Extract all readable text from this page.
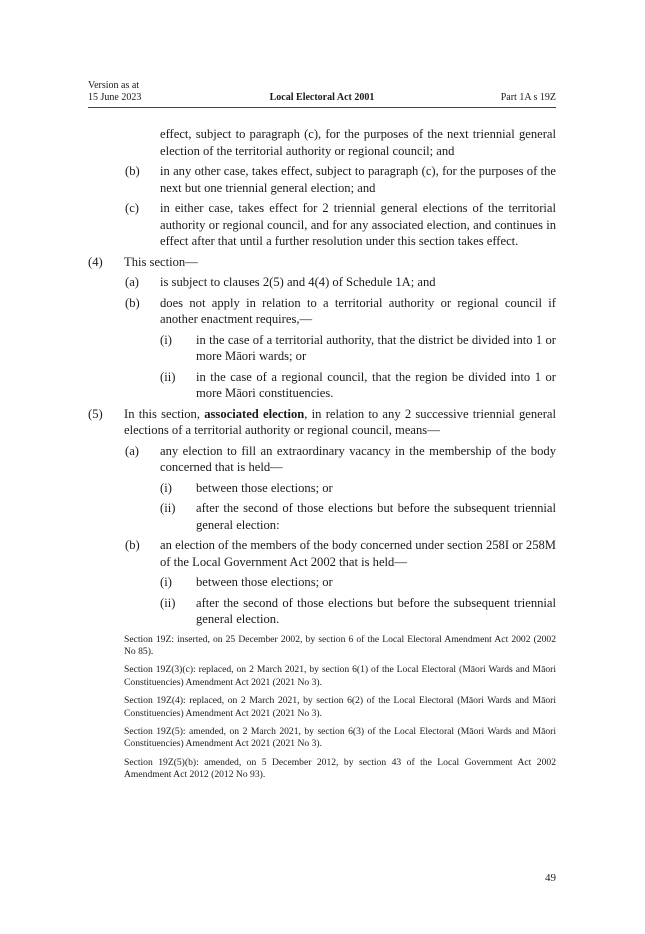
Version as at
15 June 2023	Local Electoral Act 2001	Part 1A s 19Z

effect, subject to paragraph (c), for the purposes of the next triennial general election of the territorial authority or regional council; and

(b) in any other case, takes effect, subject to paragraph (c), for the purposes of the next but one triennial general election; and

(c) in either case, takes effect for 2 triennial general elections of the territorial authority or regional council, and for any associated election, and continues in effect after that until a further resolution under this section takes effect.

(4) This section—

(a) is subject to clauses 2(5) and 4(4) of Schedule 1A; and

(b) does not apply in relation to a territorial authority or regional council if another enactment requires,—

(i) in the case of a territorial authority, that the district be divided into 1 or more Māori wards; or

(ii) in the case of a regional council, that the region be divided into 1 or more Māori constituencies.

(5) In this section, associated election, in relation to any 2 successive triennial general elections of a territorial authority or regional council, means—

(a) any election to fill an extraordinary vacancy in the membership of the body concerned that is held—

(i) between those elections; or

(ii) after the second of those elections but before the subsequent triennial general election:

(b) an election of the members of the body concerned under section 258I or 258M of the Local Government Act 2002 that is held—

(i) between those elections; or

(ii) after the second of those elections but before the subsequent triennial general election.

Section 19Z: inserted, on 25 December 2002, by section 6 of the Local Electoral Amendment Act 2002 (2002 No 85).

Section 19Z(3)(c): replaced, on 2 March 2021, by section 6(1) of the Local Electoral (Māori Wards and Māori Constituencies) Amendment Act 2021 (2021 No 3).

Section 19Z(4): replaced, on 2 March 2021, by section 6(2) of the Local Electoral (Māori Wards and Māori Constituencies) Amendment Act 2021 (2021 No 3).

Section 19Z(5): amended, on 2 March 2021, by section 6(3) of the Local Electoral (Māori Wards and Māori Constituencies) Amendment Act 2021 (2021 No 3).

Section 19Z(5)(b): amended, on 5 December 2012, by section 43 of the Local Government Act 2002 Amendment Act 2012 (2012 No 93).

49
